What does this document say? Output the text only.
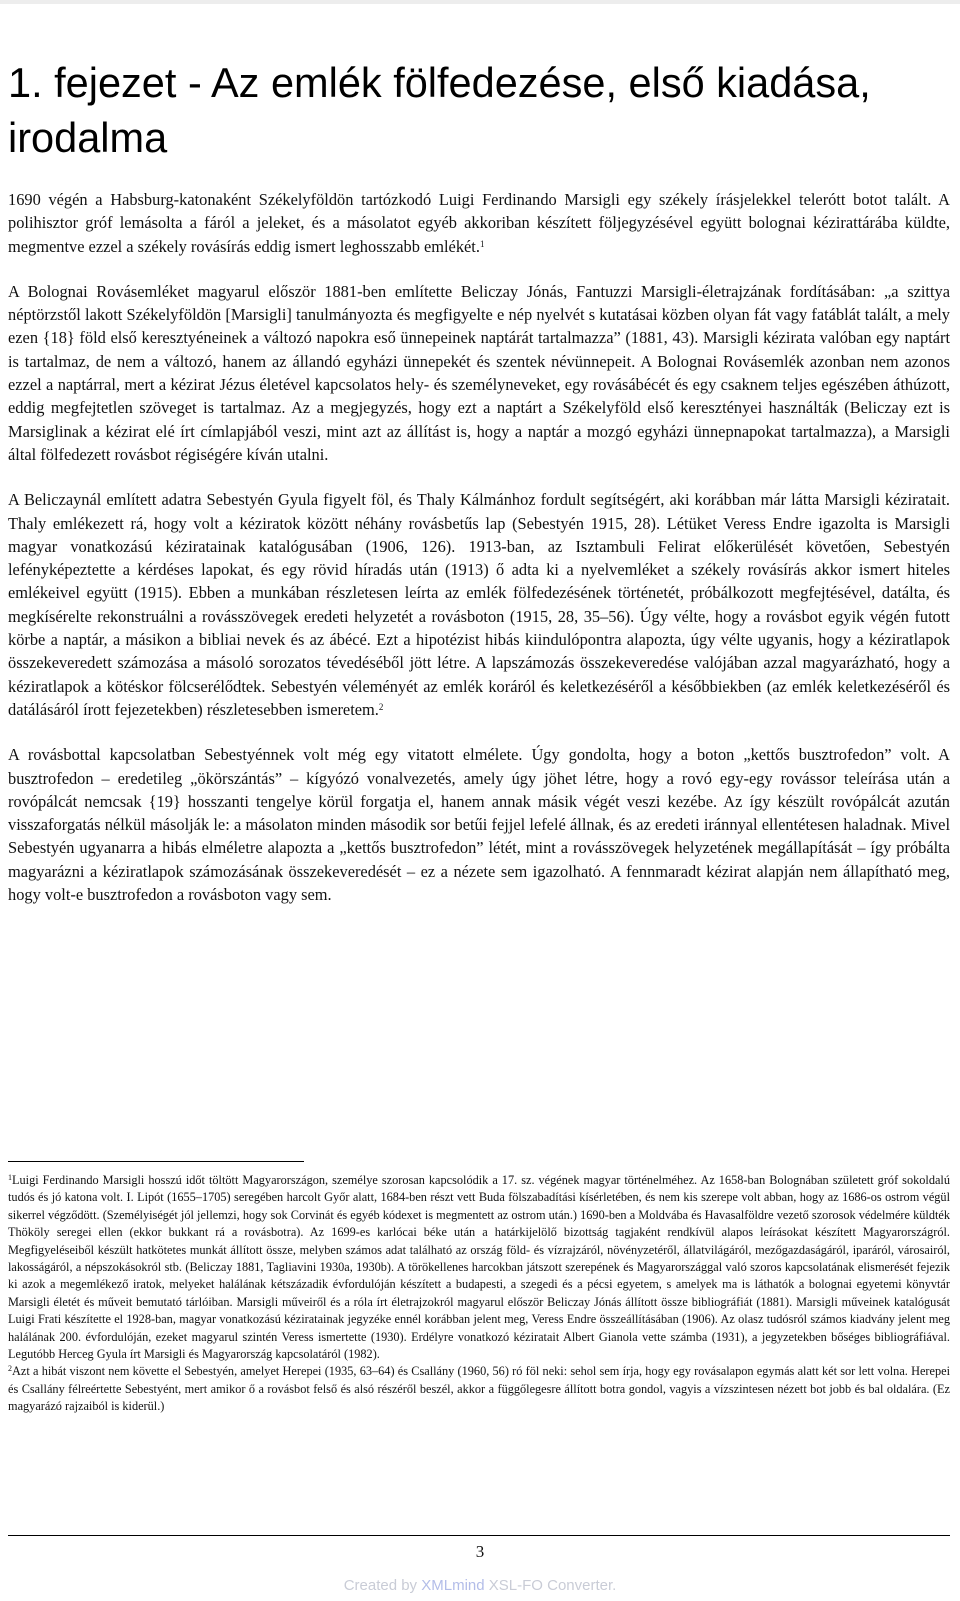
1. fejezet - Az emlék fölfedezése, első kiadása, irodalma

1690 végén a Habsburg-katonaként Székelyföldön tartózkodó Luigi Ferdinando Marsigli egy székely írásjelekkel telerótt botot talált. A polihisztor gróf lemásolta a fáról a jeleket, és a másolatot egyéb akkoriban készített följegyzésével együtt bolognai kézirattárába küldte, megmentve ezzel a székely rovásírás eddig ismert leghosszabb emlékét.$^1$

A Bolognai Rovásemléket magyarul először 1881-ben említette Beliczay Jónás, Fantuzzi Marsigli-életrajzának fordításában: „a szittya néptörzstől lakott Székelyföldön [Marsigli] tanulmányozta és megfigyelte e nép nyelvét s kutatásai közben olyan fát vagy fatáblát talált, a mely ezen {18} föld első keresztyéneinek a változó napokra eső ünnepeinek naptárát tartalmazza” (1881, 43). Marsigli kézirata valóban egy naptárt is tartalmaz, de nem a változó, hanem az állandó egyházi ünnepekét és szentek névünnepeit. A Bolognai Rovásemlék azonban nem azonos ezzel a naptárral, mert a kézirat Jézus életével kapcsolatos hely- és személyneveket, egy rovásábécét és egy csaknem teljes egészében áthúzott, eddig megfejtetlen szöveget is tartalmaz. Az a megjegyzés, hogy ezt a naptárt a Székelyföld első keresztényei használták (Beliczay ezt is Marsiglinak a kézirat elé írt címlapjából veszi, mint azt az állítást is, hogy a naptár a mozgó egyházi ünnepnapokat tartalmazza), a Marsigli által fölfedezett rovásbot régiségére kíván utalni.

A Beliczaynál említett adatra Sebestyén Gyula figyelt föl, és Thaly Kálmánhoz fordult segítségért, aki korábban már látta Marsigli kéziratait. Thaly emlékezett rá, hogy volt a kéziratok között néhány rovásbetűs lap (Sebestyén 1915, 28). Létüket Veress Endre igazolta is Marsigli magyar vonatkozású kéziratainak katalógusában (1906, 126). 1913-ban, az Isztambuli Felirat előkerülését követően, Sebestyén lefényképeztette a kérdéses lapokat, és egy rövid híradás után (1913) ő adta ki a nyelvemléket a székely rovásírás akkor ismert hiteles emlékeivel együtt (1915). Ebben a munkában részletesen leírta az emlék fölfedezésének történetét, próbálkozott megfejtésével, datálta, és megkísérelte rekonstruálni a rovásszövegek eredeti helyzetét a rovásboton (1915, 28, 35–56). Úgy vélte, hogy a rovásbot egyik végén futott körbe a naptár, a másikon a bibliai nevek és az ábécé. Ezt a hipotézist hibás kiindulópontra alapozta, úgy vélte ugyanis, hogy a kéziratlapok összekeveredett számozása a másoló sorozatos tévedéséből jött létre. A lapszámozás összekeveredése valójában azzal magyarázható, hogy a kéziratlapok a kötéskor fölcserélődtek. Sebestyén véleményét az emlék koráról és keletkezéséről a későbbiekben (az emlék keletkezéséről és datálásáról írott fejezetekben) részletesebben ismeretem.$^2$

A rovásbottal kapcsolatban Sebestyénnek volt még egy vitatott elmélete. Úgy gondolta, hogy a boton „kettős busztrofedon” volt. A busztrofedon – eredetileg „ökörszántás” – kígyózó vonalvezetés, amely úgy jöhet létre, hogy a rovó egy-egy rovássor teleírása után a rovópálcát nemcsak {19} hosszanti tengelye körül forgatja el, hanem annak másik végét veszi kezébe. Az így készült rovópálcát azután visszaforgatás nélkül másolják le: a másolaton minden második sor betűi fejjel lefelé állnak, és az eredeti iránnyal ellentétesen haladnak. Mivel Sebestyén ugyanarra a hibás elméletre alapozta a „kettős busztrofedon” létét, mint a rovásszövegek helyzetének megállapítását – így próbálta magyarázni a kéziratlapok számozásának összekeveredését – ez a nézete sem igazolható. A fennmaradt kézirat alapján nem állapítható meg, hogy volt-e busztrofedon a rovásboton vagy sem.

$^1$Luigi Ferdinando Marsigli hosszú időt töltött Magyarországon, személye szorosan kapcsolódik a 17. sz. végének magyar történelméhez. Az 1658-ban Bolognában született gróf sokoldalú tudós és jó katona volt. I. Lipót (1655–1705) seregében harcolt Győr alatt, 1684-ben részt vett Buda fölszabadítási kísérletében, és nem kis szerepe volt abban, hogy az 1686-os ostrom végül sikerrel végződött. (Személyiségét jól jellemzi, hogy sok Corvinát és egyéb kódexet is megmentett az ostrom után.) 1690-ben a Moldvába és Havasalföldre vezető szorosok védelmére küldték Thököly seregei ellen (ekkor bukkant rá a rovásbotra). Az 1699-es karlócai béke után a határkijelölő bizottság tagjaként rendkívül alapos leírásokat készített Magyarországról. Megfigyeléseiből készült hatkötetes munkát állított össze, melyben számos adat található az ország föld- és vízrajzáról, növényzetéről, állatvilágáról, mezőgazdaságáról, iparáról, városairól, lakosságáról, a népszokásokról stb. (Beliczay 1881, Tagliavini 1930a, 1930b). A törökellenes harcokban játszott szerepének és Magyarországgal való szoros kapcsolatának elismerését fejezik ki azok a megemlékező iratok, melyeket halálának kétszázadik évfordulóján készített a budapesti, a szegedi és a pécsi egyetem, s amelyek ma is láthatók a bolognai egyetemi könyvtár Marsigli életét és műveit bemutató tárlóiban. Marsigli műveiről és a róla írt életrajzokról magyarul először Beliczay Jónás állított össze bibliográfiát (1881). Marsigli műveinek katalógusát Luigi Frati készítette el 1928-ban, magyar vonatkozású kéziratainak jegyzéke ennél korábban jelent meg, Veress Endre összeállításában (1906). Az olasz tudósról számos kiadvány jelent meg halálának 200. évfordulóján, ezeket magyarul szintén Veress ismertette (1930). Erdélyre vonatkozó kéziratait Albert Gianola vette számba (1931), a jegyzetekben bőséges bibliográfiával. Legutóbb Herceg Gyula írt Marsigli és Magyarország kapcsolatáról (1982).

$^2$Azt a hibát viszont nem követte el Sebestyén, amelyet Herepei (1935, 63–64) és Csallány (1960, 56) ró föl neki: sehol sem írja, hogy egy rovásalapon egymás alatt két sor lett volna. Herepei és Csallány félreértette Sebestyént, mert amikor ő a rovásbot felső és alsó részéről beszél, akkor a függőlegesre állított botra gondol, vagyis a vízszintesen nézett bot jobb és bal oldalára. (Ez magyarázó rajzaiból is kiderül.)

3
Created by XMLmind XSL-FO Converter.
